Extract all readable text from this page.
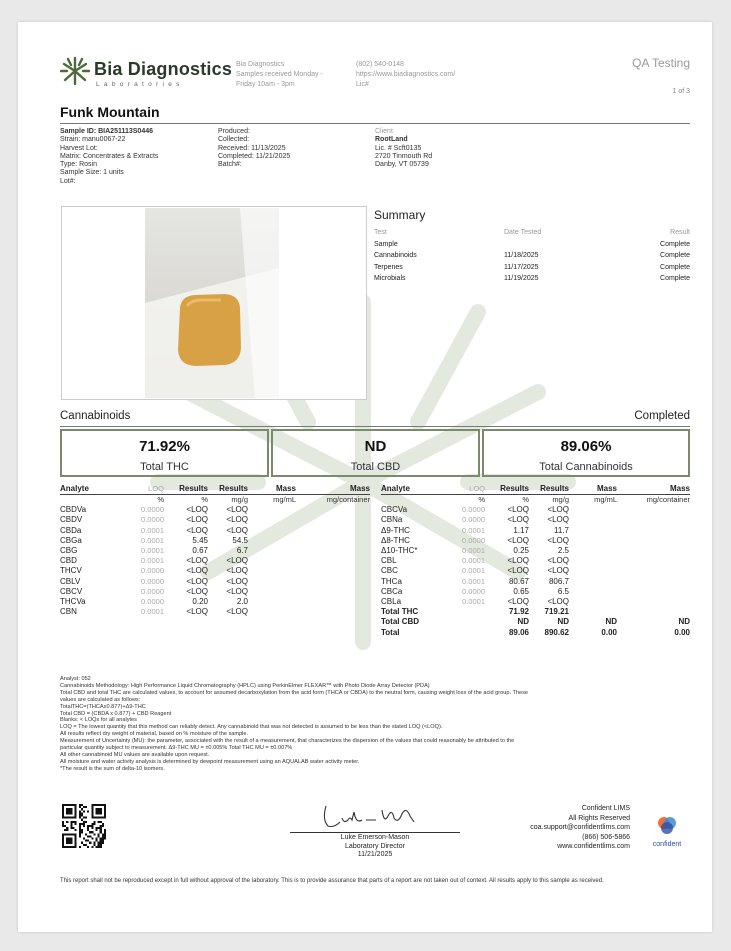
Bia Diagnostics
Laboratories
Bia Diagnostics
Samples received Monday -
Friday 10am - 3pm
(802) 540-0148
https://www.biadiagnostics.com/
Lic#
QA Testing
1 of 3
Funk Mountain
Sample ID: BIA251113S0446
Strain: manu0067-22
Harvest Lot:
Matrix: Concentrates & Extracts
Type: Rosin
Sample Size: 1 units
Lot#:
Produced:
Collected:
Received: 11/13/2025
Completed: 11/21/2025
Batch#:
Client
RootLand
Lic. # Scft0135
2720 Tinmouth Rd
Danby, VT 05739
Summary
Test	Date Tested	Result
Sample		Complete
Cannabinoids	11/18/2025	Complete
Terpenes	11/17/2025	Complete
Microbials	11/19/2025	Complete
Cannabinoids	Completed
71.92%
Total THC
ND
Total CBD
89.06%
Total Cannabinoids
Analyte	LOQ	Results	Results	Mass	Mass
	%	%	mg/g	mg/mL	mg/container
CBDVa	0.0000	<LOQ	<LOQ		
CBDV	0.0000	<LOQ	<LOQ		
CBDa	0.0001	<LOQ	<LOQ		
CBGa	0.0001	5.45	54.5		
CBG	0.0001	0.67	6.7		
CBD	0.0001	<LOQ	<LOQ		
THCV	0.0000	<LOQ	<LOQ		
CBLV	0.0000	<LOQ	<LOQ		
CBCV	0.0000	<LOQ	<LOQ		
THCVa	0.0000	0.20	2.0		
CBN	0.0001	<LOQ	<LOQ		
Analyte	LOQ	Results	Results	Mass	Mass
	%	%	mg/g	mg/mL	mg/container
CBCVa	0.0000	<LOQ	<LOQ		
CBNa	0.0000	<LOQ	<LOQ		
Δ9-THC	0.0001	1.17	11.7		
Δ8-THC	0.0000	<LOQ	<LOQ		
Δ10-THC*	0.0001	0.25	2.5		
CBL	0.0001	<LOQ	<LOQ		
CBC	0.0001	<LOQ	<LOQ		
THCa	0.0001	80.67	806.7		
CBCa	0.0000	0.65	6.5		
CBLa	0.0001	<LOQ	<LOQ		
Total THC		71.92	719.21		
Total CBD		ND	ND	ND	ND
Total		89.06	890.62	0.00	0.00
Analyst: 052
Cannabinoids Methodology: High Performance Liquid Chromatography (HPLC) using PerkinElmer FLEXAR™ with Photo Diode Array Detector (PDA)
Total CBD and total THC are calculated values, to account for assumed decarboxylation from the acid form (THCA or CBDA) to the neutral form, causing weight loss of the acid group. These
values are calculated as follows:
TotalTHC=(THCAx0.877)+Δ9-THC
Total CBD = (CBDA x 0.877) + CBD Reagent
Blanks: < LOQs for all analytes
LOQ = The lowest quantity that this method can reliably detect. Any cannabinoid that was not detected is assumed to be less than the stated LOQ (<LOQ).
All results reflect dry weight of material, based on % moisture of the sample.
Measurement of Uncertainty (MU): the parameter, associated with the result of a measurement, that characterizes the dispersion of the values that could reasonably be attributed to the
particular quantity subject to measurement. Δ9-THC MU = ±0.005% Total THC MU = ±0.007%
All other cannabinoid MU values are available upon request.
All moisture and water activity analysis is determined by dewpoint measurement using an AQUALAB water activity meter.
*The result is the sum of delta-10 isomers.
Luke Emerson-Mason
Laboratory Director
11/21/2025
Confident LIMS
All Rights Reserved
coa.support@confidentlims.com
(866) 506-5866
www.confidentlims.com	confident
This report shall not be reproduced except in full without approval of the laboratory. This is to provide assurance that parts of a report are not taken out of context. All results apply to this sample as received.
